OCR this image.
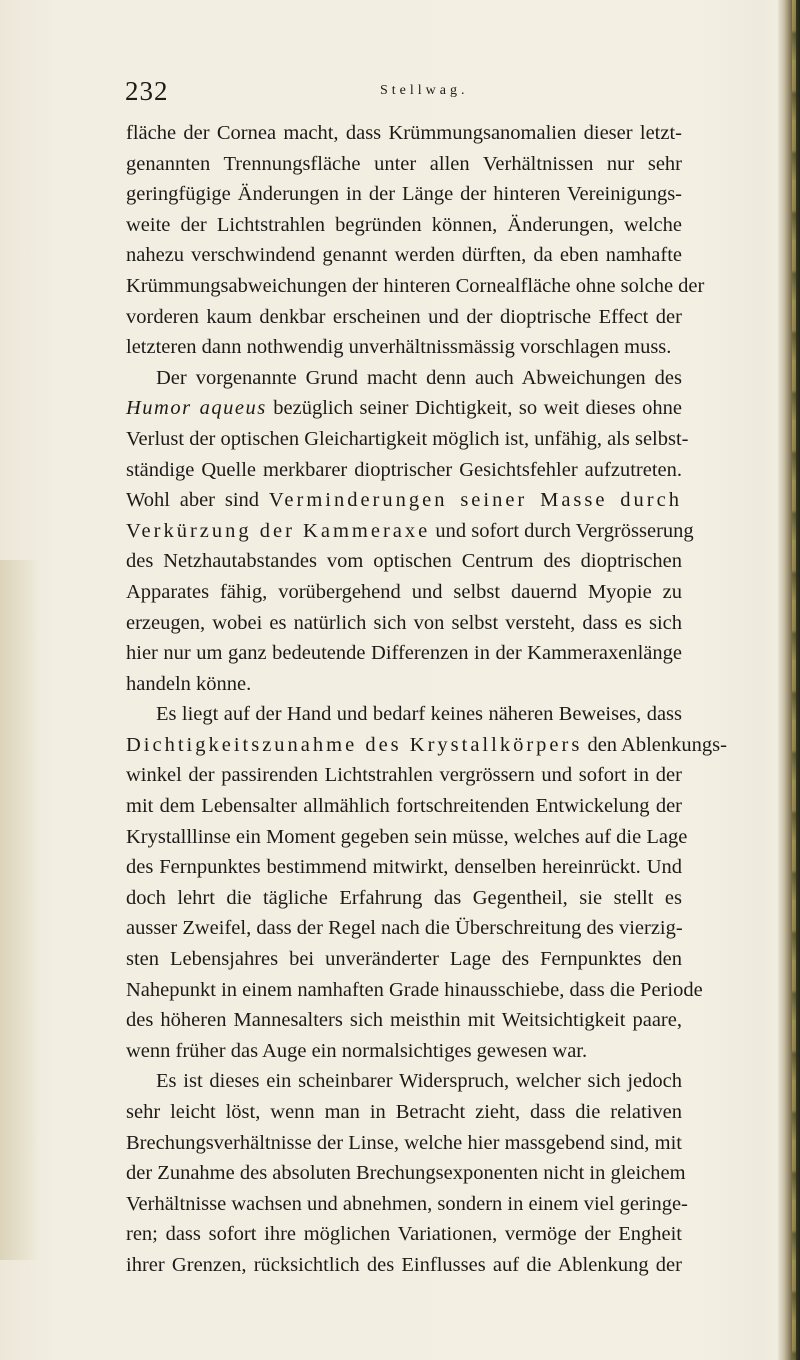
232	Stellwag.
fläche der Cornea macht, dass Krümmungsanomalien dieser letzt-
genannten Trennungsfläche unter allen Verhältnissen nur sehr
geringfügige Änderungen in der Länge der hinteren Vereinigungs-
weite der Lichtstrahlen begründen können, Änderungen, welche
nahezu verschwindend genannt werden dürften, da eben namhafte
Krümmungsabweichungen der hinteren Cornealfläche ohne solche der
vorderen kaum denkbar erscheinen und der dioptrische Effect der
letzteren dann nothwendig unverhältnissmässig vorschlagen muss.
Der vorgenannte Grund macht denn auch Abweichungen des
Humor aqueus bezüglich seiner Dichtigkeit, so weit dieses ohne
Verlust der optischen Gleichartigkeit möglich ist, unfähig, als selbst-
ständige Quelle merkbarer dioptrischer Gesichtsfehler aufzutreten.
Wohl aber sind Verminderungen seiner Masse durch
Verkürzung der Kammeraxe und sofort durch Vergrösserung
des Netzhautabstandes vom optischen Centrum des dioptrischen
Apparates fähig, vorübergehend und selbst dauernd Myopie zu
erzeugen, wobei es natürlich sich von selbst versteht, dass es sich
hier nur um ganz bedeutende Differenzen in der Kammeraxenlänge
handeln könne.
Es liegt auf der Hand und bedarf keines näheren Beweises, dass
Dichtigkeitszunahme des Krystallkörpers den Ablenkungs-
winkel der passirenden Lichtstrahlen vergrössern und sofort in der
mit dem Lebensalter allmählich fortschreitenden Entwickelung der
Krystalllinse ein Moment gegeben sein müsse, welches auf die Lage
des Fernpunktes bestimmend mitwirkt, denselben hereinrückt. Und
doch lehrt die tägliche Erfahrung das Gegentheil, sie stellt es
ausser Zweifel, dass der Regel nach die Überschreitung des vierzig-
sten Lebensjahres bei unveränderter Lage des Fernpunktes den
Nahepunkt in einem namhaften Grade hinausschiebe, dass die Periode
des höheren Mannesalters sich meisthin mit Weitsichtigkeit paare,
wenn früher das Auge ein normalsichtiges gewesen war.
Es ist dieses ein scheinbarer Widerspruch, welcher sich jedoch
sehr leicht löst, wenn man in Betracht zieht, dass die relativen
Brechungsverhältnisse der Linse, welche hier massgebend sind, mit
der Zunahme des absoluten Brechungsexponenten nicht in gleichem
Verhältnisse wachsen und abnehmen, sondern in einem viel geringe-
ren; dass sofort ihre möglichen Variationen, vermöge der Engheit
ihrer Grenzen, rücksichtlich des Einflusses auf die Ablenkung der
